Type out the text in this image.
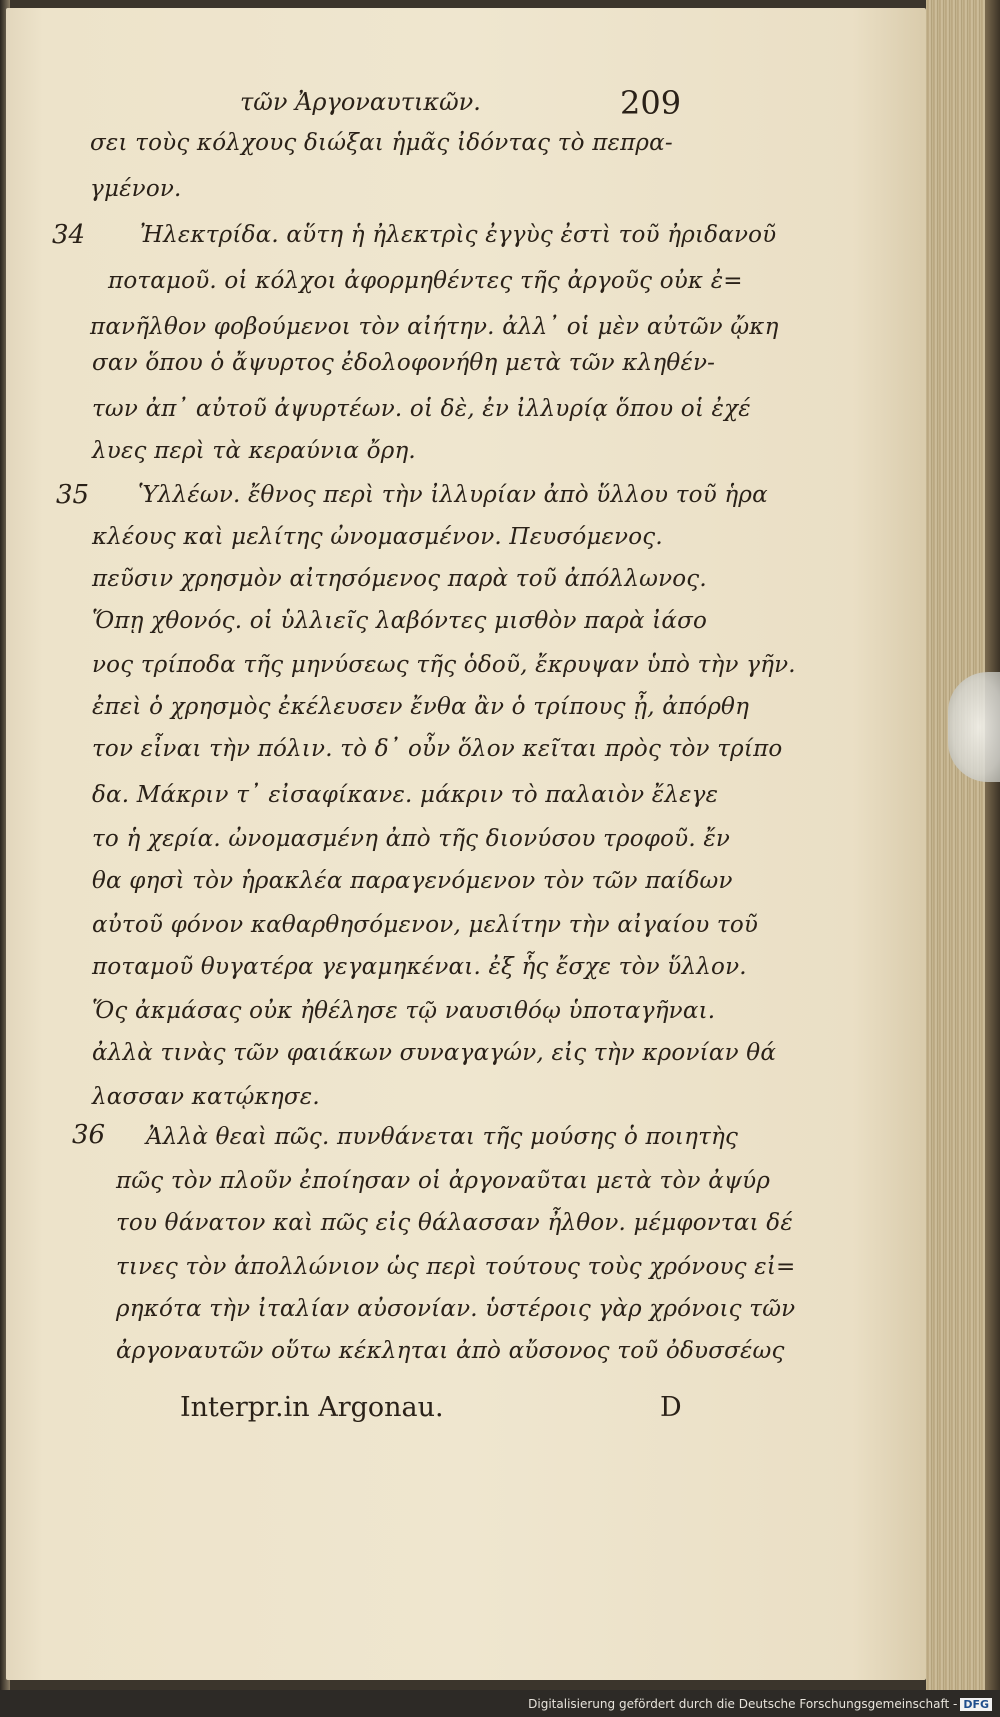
τῶν Ἀργοναυτικῶν.	209
σει τοὺς κόλχους διώξαι ἡμᾶς ἰδόντας τὸ πεπρα-
γμένον.
34 Ἠλεκτρίδα. αὕτη ἡ ἠλεκτρὶς ἐγγὺς ἐστὶ τοῦ ἠριδανοῦ
ποταμοῦ. οἱ κόλχοι ἀφορμηθέντες τῆς ἀργοῦς οὐκ ἐ=
πανῆλθον φοβούμενοι τὸν αἰήτην. ἀλλ᾿ οἱ μὲν αὐτῶν ᾤκη
σαν ὅπου ὁ ἄψυρτος ἐδολοφονήθη μετὰ τῶν κληθέν-
των ἀπ᾿ αὐτοῦ ἀψυρτέων. οἱ δὲ, ἐν ἰλλυρίᾳ ὅπου οἱ ἐχέ
λυες περὶ τὰ κεραύνια ὄρη.
35 Ὑλλέων. ἔθνος περὶ τὴν ἰλλυρίαν ἀπὸ ὕλλου τοῦ ἡρα
κλέους καὶ μελίτης ὠνομασμένον. Πευσόμενος.
πεῦσιν χρησμὸν αἰτησόμενος παρὰ τοῦ ἀπόλλωνος.
Ὅπῃ χθονός. οἱ ὑλλιεῖς λαβόντες μισθὸν παρὰ ἰάσο
νος τρίποδα τῆς μηνύσεως τῆς ὁδοῦ, ἔκρυψαν ὑπὸ τὴν γῆν.
ἐπεὶ ὁ χρησμὸς ἐκέλευσεν ἔνθα ἂν ὁ τρίπους ᾖ, ἀπόρθη
τον εἶναι τὴν πόλιν. τὸ δ᾿ οὖν ὅλον κεῖται πρὸς τὸν τρίπο
δα. Μάκριν τ᾿ εἰσαφίκανε. μάκριν τὸ παλαιὸν ἔλεγε
το ἡ χερία. ὠνομασμένη ἀπὸ τῆς διονύσου τροφοῦ. ἔν
θα φησὶ τὸν ἡρακλέα παραγενόμενον τὸν τῶν παίδων
αὐτοῦ φόνον καθαρθησόμενον, μελίτην τὴν αἰγαίου τοῦ
ποταμοῦ θυγατέρα γεγαμηκέναι. ἐξ ἧς ἔσχε τὸν ὕλλον.
Ὅς ἀκμάσας οὐκ ἠθέλησε τῷ ναυσιθόῳ ὑποταγῆναι.
ἀλλὰ τινὰς τῶν φαιάκων συναγαγών, εἰς τὴν κρονίαν θά
λασσαν κατῴκησε.
36 Ἀλλὰ θεαὶ πῶς. πυνθάνεται τῆς μούσης ὁ ποιητὴς
πῶς τὸν πλοῦν ἐποίησαν οἱ ἀργοναῦται μετὰ τὸν ἀψύρ
του θάνατον καὶ πῶς εἰς θάλασσαν ἦλθον. μέμφονται δέ
τινες τὸν ἀπολλώνιον ὡς περὶ τούτους τοὺς χρόνους εἰ=
ρηκότα τὴν ἰταλίαν αὐσονίαν. ὑστέροις γὰρ χρόνοις τῶν
ἀργοναυτῶν οὕτω κέκληται ἀπὸ αὔσονος τοῦ ὀδυσσέως
Interpr.in Argonau.	D
Digitalisierung gefördert durch die Deutsche Forschungsgemeinschaft - DFG
